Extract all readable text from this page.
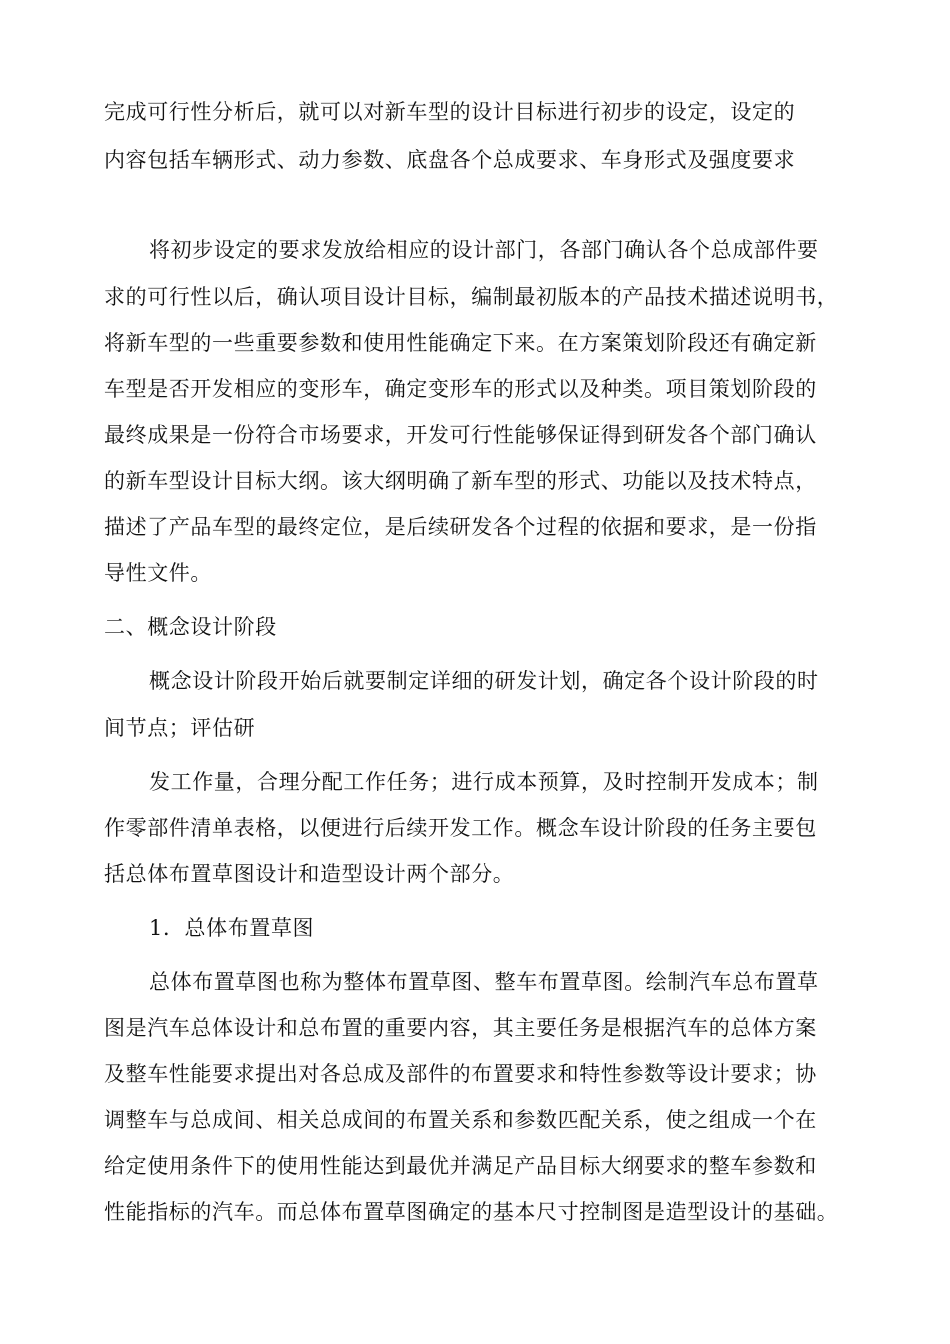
完成可行性分析后，就可以对新车型的设计目标进行初步的设定，设定的
内容包括车辆形式、动力参数、底盘各个总成要求、车身形式及强度要求
将初步设定的要求发放给相应的设计部门，各部门确认各个总成部件要
求的可行性以后，确认项目设计目标，编制最初版本的产品技术描述说明书，
将新车型的一些重要参数和使用性能确定下来。在方案策划阶段还有确定新
车型是否开发相应的变形车，确定变形车的形式以及种类。项目策划阶段的
最终成果是一份符合市场要求，开发可行性能够保证得到研发各个部门确认
的新车型设计目标大纲。该大纲明确了新车型的形式、功能以及技术特点，
描述了产品车型的最终定位，是后续研发各个过程的依据和要求，是一份指
导性文件。
二、概念设计阶段
概念设计阶段开始后就要制定详细的研发计划，确定各个设计阶段的时
间节点；评估研
发工作量，合理分配工作任务；进行成本预算，及时控制开发成本；制
作零部件清单表格，以便进行后续开发工作。概念车设计阶段的任务主要包
括总体布置草图设计和造型设计两个部分。
1．总体布置草图
总体布置草图也称为整体布置草图、整车布置草图。绘制汽车总布置草
图是汽车总体设计和总布置的重要内容，其主要任务是根据汽车的总体方案
及整车性能要求提出对各总成及部件的布置要求和特性参数等设计要求；协
调整车与总成间、相关总成间的布置关系和参数匹配关系，使之组成一个在
给定使用条件下的使用性能达到最优并满足产品目标大纲要求的整车参数和
性能指标的汽车。而总体布置草图确定的基本尺寸控制图是造型设计的基础。
